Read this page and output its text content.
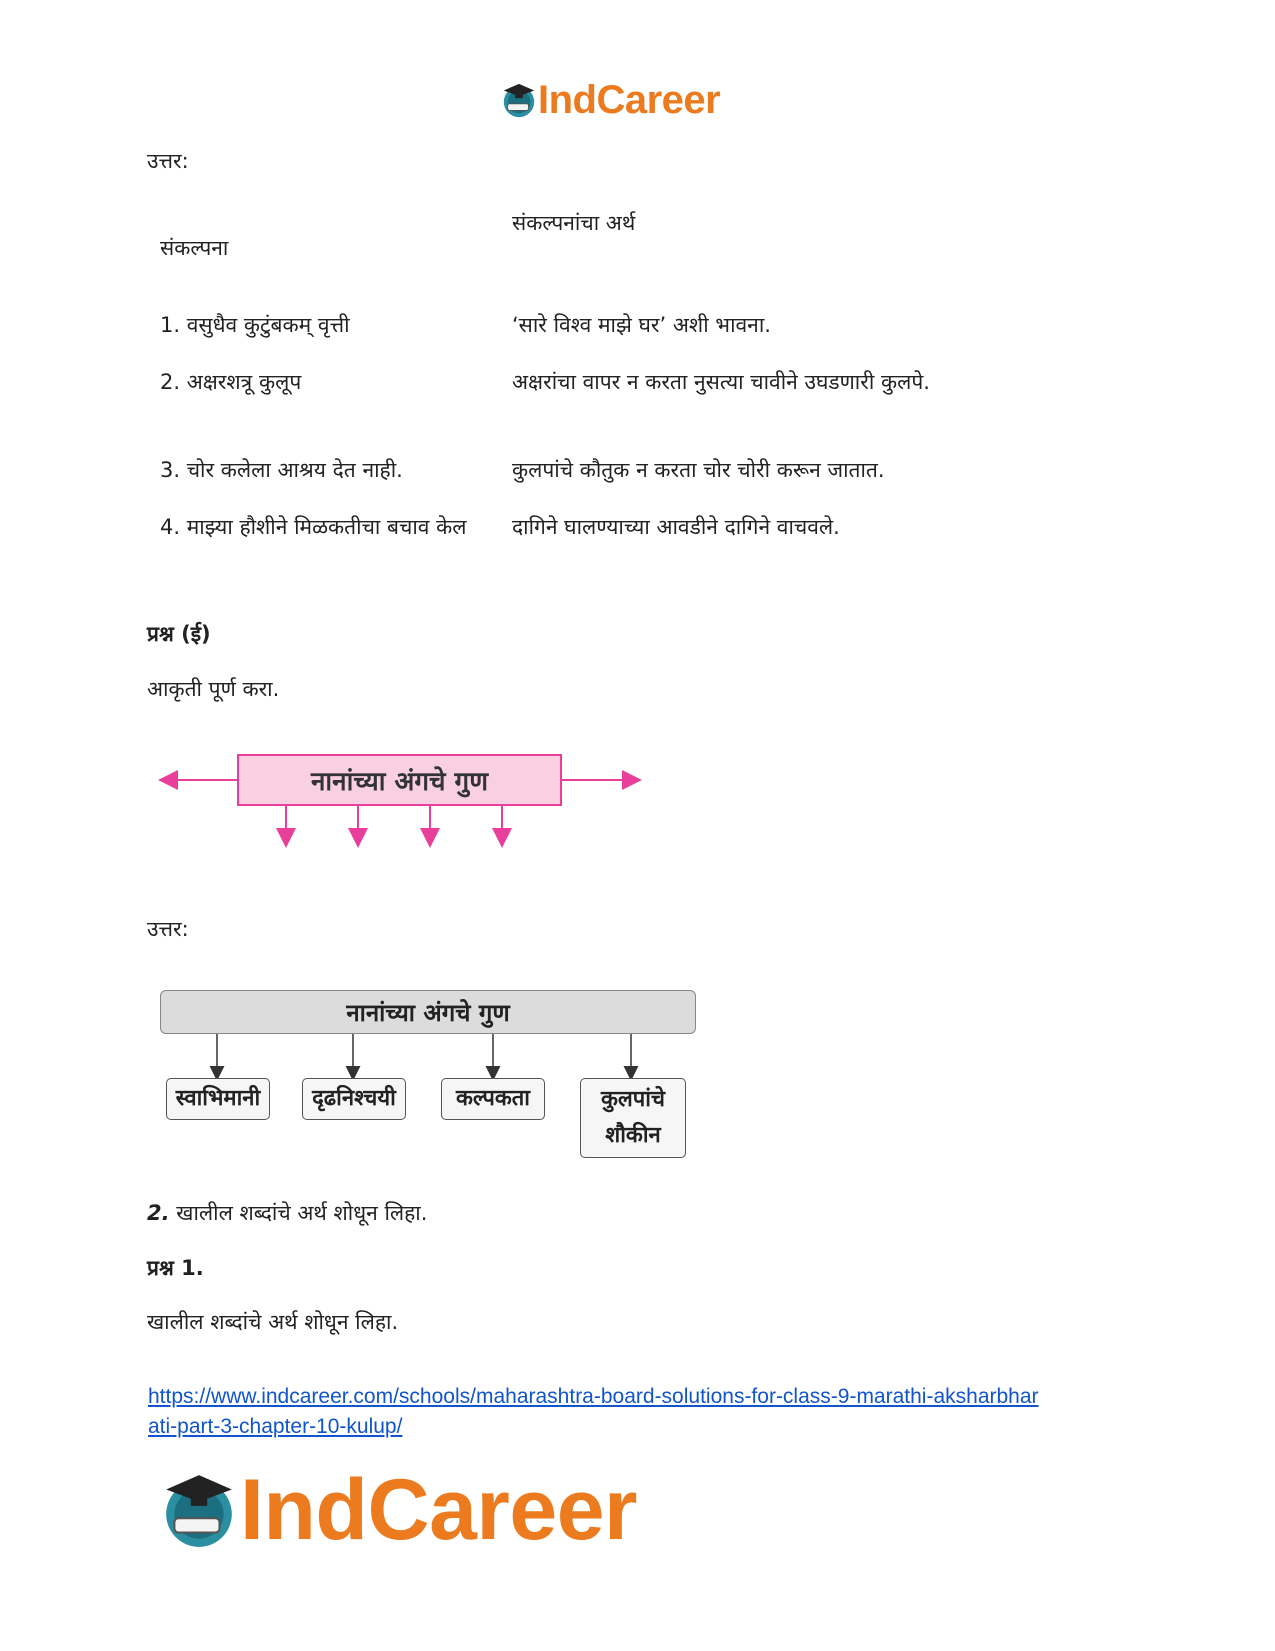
IndCareer
उत्तर:
संकल्पना
संकल्पनांचा अर्थ
1. वसुधैव कुटुंबकम् वृत्ती	‘सारे विश्व माझे घर’ अशी भावना.
2. अक्षरशत्रू कुलूप	अक्षरांचा वापर न करता नुसत्या चावीने उघडणारी कुलपे.
3. चोर कलेला आश्रय देत नाही.	कुलपांचे कौतुक न करता चोर चोरी करून जातात.
4. माझ्या हौशीने मिळकतीचा बचाव केल	दागिने घालण्याच्या आवडीने दागिने वाचवले.
प्रश्न (ई)
आकृती पूर्ण करा.
नानांच्या अंगचे गुण
उत्तर:
नानांच्या अंगचे गुण
स्वाभिमानी	दृढनिश्चयी	कल्पकता	कुलपांचे शौकीन
2. खालील शब्दांचे अर्थ शोधून लिहा.
प्रश्न 1.
खालील शब्दांचे अर्थ शोधून लिहा.
https://www.indcareer.com/schools/maharashtra-board-solutions-for-class-9-marathi-aksharbhar
ati-part-3-chapter-10-kulup/
IndCareer
